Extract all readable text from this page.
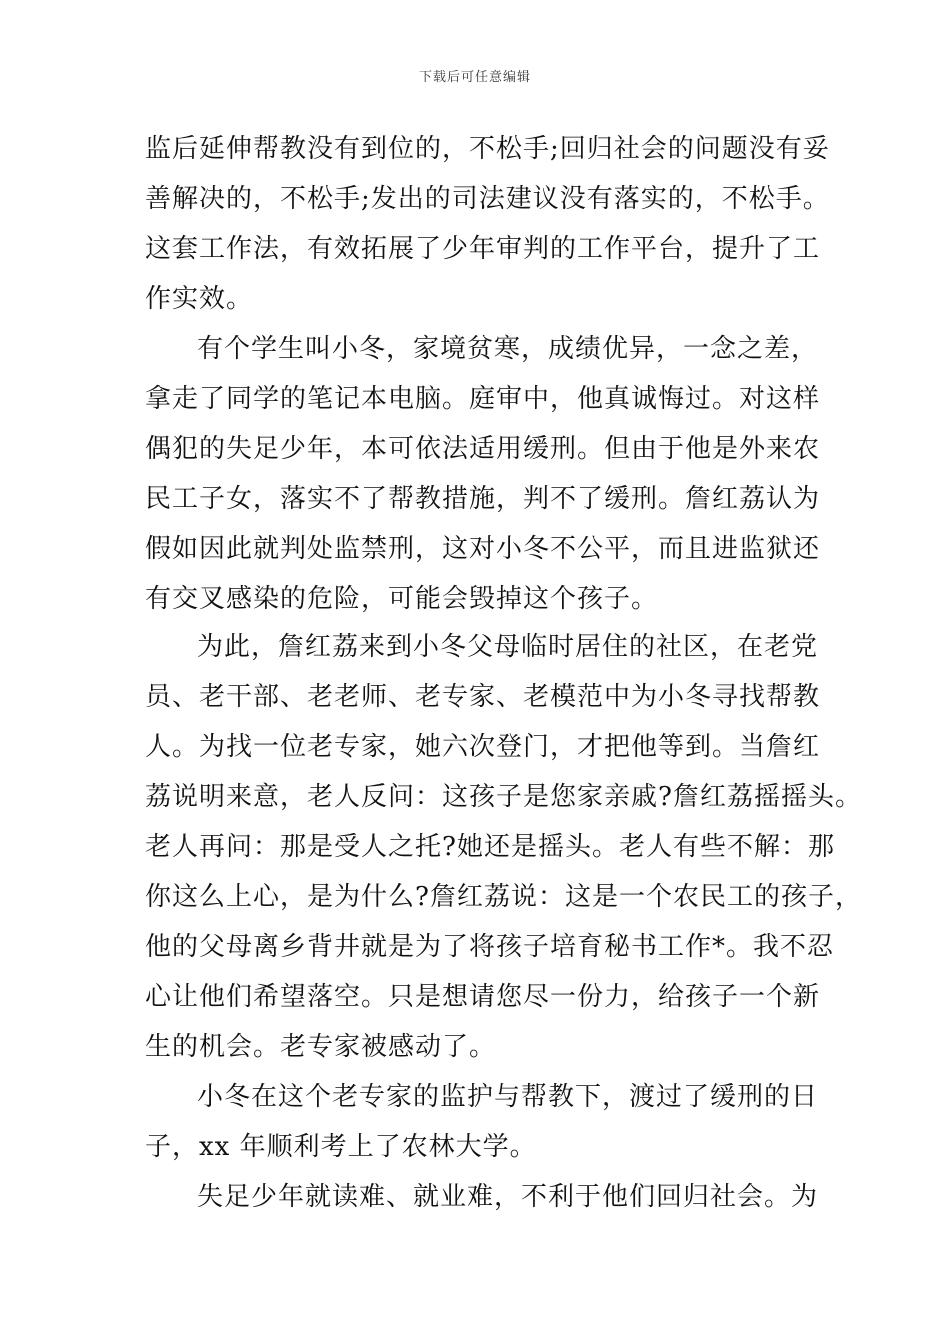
下载后可任意编辑
监后延伸帮教没有到位的，不松手;回归社会的问题没有妥
善解决的，不松手;发出的司法建议没有落实的，不松手。
这套工作法，有效拓展了少年审判的工作平台，提升了工
作实效。
有个学生叫小冬，家境贫寒，成绩优异，一念之差，
拿走了同学的笔记本电脑。庭审中，他真诚悔过。对这样
偶犯的失足少年，本可依法适用缓刑。但由于他是外来农
民工子女，落实不了帮教措施，判不了缓刑。詹红荔认为
假如因此就判处监禁刑，这对小冬不公平，而且进监狱还
有交叉感染的危险，可能会毁掉这个孩子。
为此，詹红荔来到小冬父母临时居住的社区，在老党
员、老干部、老老师、老专家、老模范中为小冬寻找帮教
人。为找一位老专家，她六次登门，才把他等到。当詹红
荔说明来意，老人反问：这孩子是您家亲戚?詹红荔摇摇头。
老人再问：那是受人之托?她还是摇头。老人有些不解：那
你这么上心，是为什么?詹红荔说：这是一个农民工的孩子，
他的父母离乡背井就是为了将孩子培育秘书工作*。我不忍
心让他们希望落空。只是想请您尽一份力，给孩子一个新
生的机会。老专家被感动了。
小冬在这个老专家的监护与帮教下，渡过了缓刑的日
子，xx 年顺利考上了农林大学。
失足少年就读难、就业难，不利于他们回归社会。为
